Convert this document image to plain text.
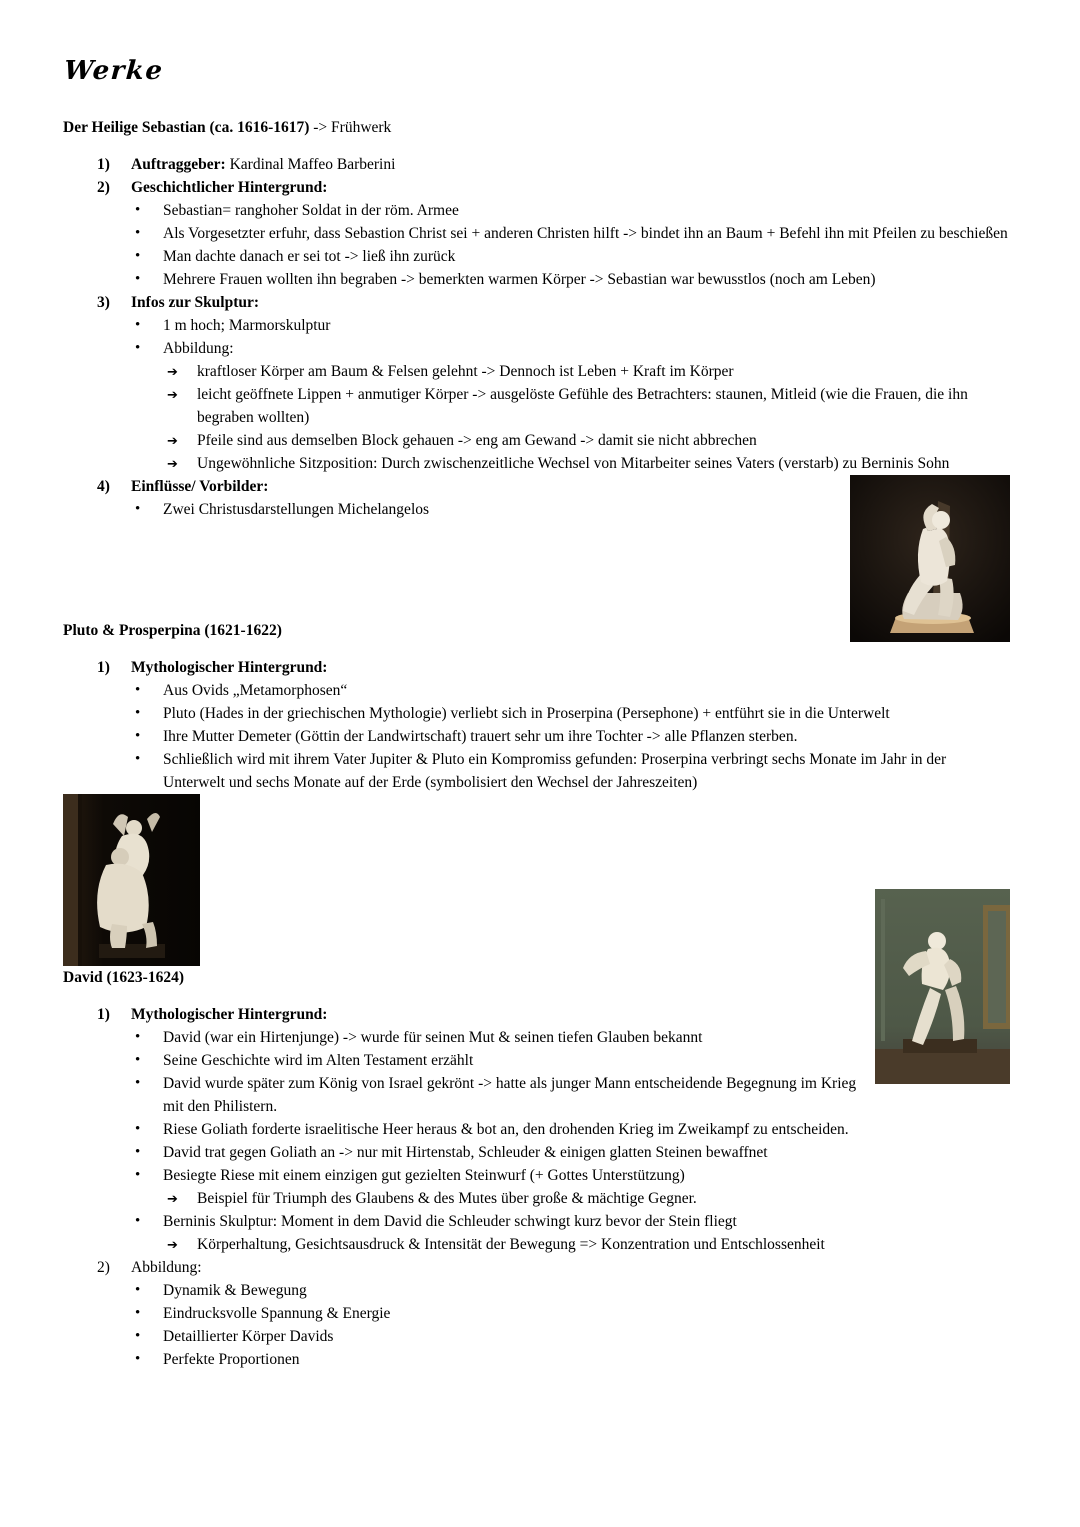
Werke
Der Heilige Sebastian (ca. 1616-1617) -> Frühwerk
1) Auftraggeber: Kardinal Maffeo Barberini
2) Geschichtlicher Hintergrund:
• Sebastian= ranghoher Soldat in der röm. Armee
• Als Vorgesetzter erfuhr, dass Sebastion Christ sei + anderen Christen hilft -> bindet ihn an Baum + Befehl ihn mit Pfeilen zu beschießen
• Man dachte danach er sei tot -> ließ ihn zurück
• Mehrere Frauen wollten ihn begraben -> bemerkten warmen Körper -> Sebastian war bewusstlos (noch am Leben)
3) Infos zur Skulptur:
• 1 m hoch; Marmorskulptur
• Abbildung:
➔ kraftloser Körper am Baum & Felsen gelehnt -> Dennoch ist Leben + Kraft im Körper
➔ leicht geöffnete Lippen + anmutiger Körper -> ausgelöste Gefühle des Betrachters: staunen, Mitleid (wie die Frauen, die ihn begraben wollten)
➔ Pfeile sind aus demselben Block gehauen -> eng am Gewand -> damit sie nicht abbrechen
➔ Ungewöhnliche Sitzposition: Durch zwischenzeitliche Wechsel von Mitarbeiter seines Vaters (verstarb) zu Berninis Sohn
4) Einflüsse/ Vorbilder:
• Zwei Christusdarstellungen Michelangelos
Pluto & Prosperpina (1621-1622)
1) Mythologischer Hintergrund:
• Aus Ovids „Metamorphosen“
• Pluto (Hades in der griechischen Mythologie) verliebt sich in Proserpina (Persephone) + entführt sie in die Unterwelt
• Ihre Mutter Demeter (Göttin der Landwirtschaft) trauert sehr um ihre Tochter -> alle Pflanzen sterben.
• Schließlich wird mit ihrem Vater Jupiter & Pluto ein Kompromiss gefunden: Proserpina verbringt sechs Monate im Jahr in der Unterwelt und sechs Monate auf der Erde (symbolisiert den Wechsel der Jahreszeiten)
David (1623-1624)
1) Mythologischer Hintergrund:
• David (war ein Hirtenjunge) -> wurde für seinen Mut & seinen tiefen Glauben bekannt
• Seine Geschichte wird im Alten Testament erzählt
• David wurde später zum König von Israel gekrönt -> hatte als junger Mann entscheidende Begegnung im Krieg mit den Philistern.
• Riese Goliath forderte israelitische Heer heraus & bot an, den drohenden Krieg im Zweikampf zu entscheiden.
• David trat gegen Goliath an -> nur mit Hirtenstab, Schleuder & einigen glatten Steinen bewaffnet
• Besiegte Riese mit einem einzigen gut gezielten Steinwurf (+ Gottes Unterstützung)
➔ Beispiel für Triumph des Glaubens & des Mutes über große & mächtige Gegner.
• Berninis Skulptur: Moment in dem David die Schleuder schwingt kurz bevor der Stein fliegt
➔ Körperhaltung, Gesichtsausdruck & Intensität der Bewegung => Konzentration und Entschlossenheit
2) Abbildung:
• Dynamik & Bewegung
• Eindrucksvolle Spannung & Energie
• Detaillierter Körper Davids
• Perfekte Proportionen
